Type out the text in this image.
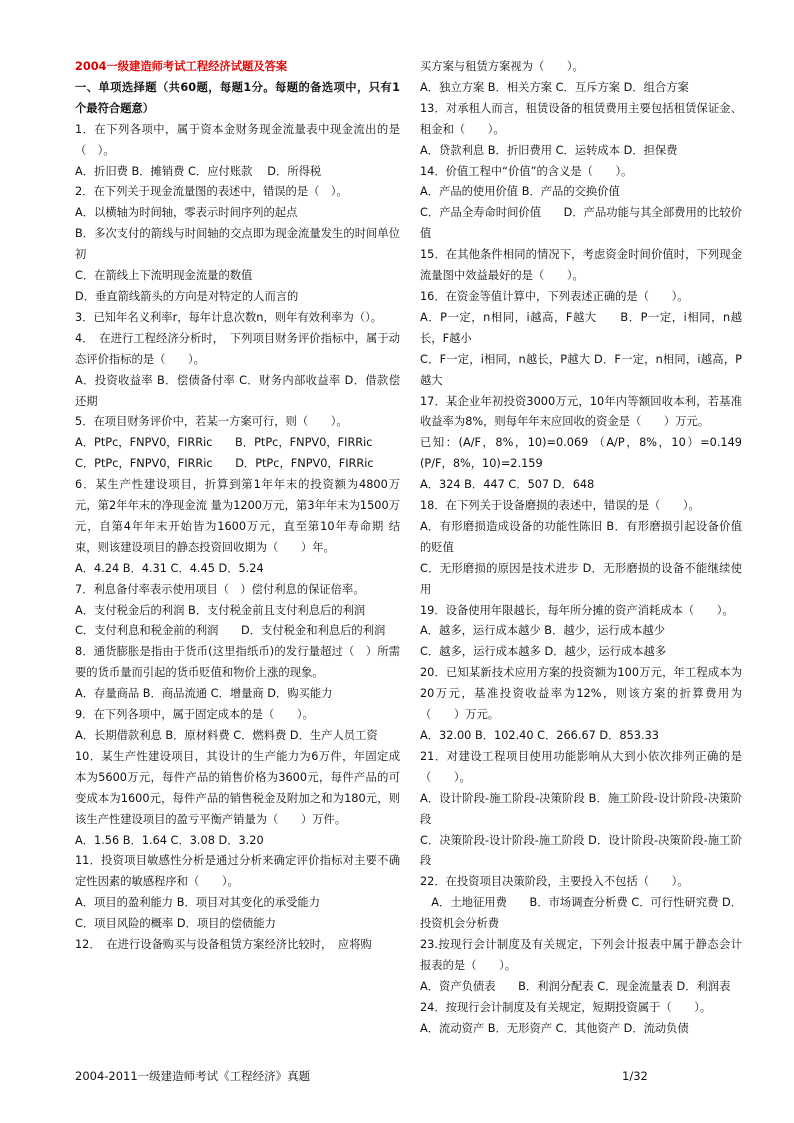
2004一级建造师考试工程经济试题及答案

一、单项选择题（共60题，每题1分。每题的备选项中，只有1个最符合题意）

1．在下列各项中，属于资本金财务现金流量表中现金流出的是（　）。

A．折旧费 B．摊销费 C．应付账款　 D．所得税

2．在下列关于现金流量图的表述中，错误的是（　）。

A．以横轴为时间轴，零表示时间序列的起点

B．多次支付的箭线与时间轴的交点即为现金流量发生的时间单位初

C．在箭线上下流明现金流量的数值

D．垂直箭线箭头的方向是对特定的人而言的

3．已知年名义利率r，每年计息次数n，则年有效利率为（）。

4．　在进行工程经济分析时，　下列项目财务评价指标中，属于动态评价指标的是（　　）。

A．投资收益率 B．偿债备付率 C．财务内部收益率 D．借款偿还期

5．在项目财务评价中，若某一方案可行，则（　　）。

A．PtPc，FNPV0，FIRRic　　B．PtPc，FNPV0，FIRRic

C．PtPc，FNPV0，FIRRic　　D．PtPc，FNPV0，FIRRic

6．某生产性建设项目，折算到第1年年末的投资额为4800万元，第2年年末的净现金流 量为1200万元，第3年年末为1500万元，自第4年年末开始皆为1600万元，直至第10年寿命期 结束，则该建设项目的静态投资回收期为（　　）年。

A．4.24 B．4.31 C．4.45 D．5.24

7．利息备付率表示使用项目（　）偿付利息的保证倍率。

A．支付税金后的利润 B．支付税金前且支付利息后的利润

C．支付利息和税金前的利润　　D．支付税金和利息后的利润

8．通货膨胀是指由于货币(这里指纸币)的发行量超过（　）所需要的货币量而引起的货币贬值和物价上涨的现象。

A．存量商品 B．商品流通 C．增量商 D．购买能力

9．在下列各项中，属于固定成本的是（　　）。

A．长期借款利息 B．原材料费 C．燃料费 D．生产人员工资

10．某生产性建设项目，其设计的生产能力为6万件，年固定成本为5600万元，每件产品的销售价格为3600元，每件产品的可变成本为1600元，每件产品的销售税金及附加之和为180元，则该生产性建设项目的盈亏平衡产销量为（　　）万件。

A．1.56 B．1.64 C．3.08 D．3.20

11．投资项目敏感性分析是通过分析来确定评价指标对主要不确定性因素的敏感程序和（　　）。

A．项目的盈利能力 B．项目对其变化的承受能力

C．项目风险的概率 D．项目的偿债能力

12．　在进行设备购买与设备租赁方案经济比较时，　应将购

买方案与租赁方案视为（　　）。

A．独立方案 B．相关方案 C．互斥方案 D．组合方案

13．对承租人而言，租赁设备的租赁费用主要包括租赁保证金、租金和（　　）。

A．贷款利息 B．折旧费用 C．运转成本 D．担保费

14．价值工程中“价值”的含义是（　　）。

A．产品的使用价值 B．产品的交换价值

C．产品全寿命时间价值　　D．产品功能与其全部费用的比较价值

15．在其他条件相同的情况下，考虑资金时间价值时，下列现金流量图中效益最好的是（　　）。

16．在资金等值计算中，下列表述正确的是（　　）。

A．P一定，n相同，i越高，F越大　　B．P一定，i相同，n越长，F越小

C．F一定，i相同，n越长，P越大 D．F一定，n相同，i越高，P越大

17．某企业年初投资3000万元，10年内等额回收本利，若基准收益率为8%，则每年年末应回收的资金是（　　）万元。

已知：(A/F，8%，10)=0.069 （A/P，8%，10）=0.149 (P/F，8%，10)=2.159

A．324 B．447 C．507 D．648

18．在下列关于设备磨损的表述中，错误的是（　　）。

A．有形磨损造成设备的功能性陈旧 B．有形磨损引起设备价值的贬值

C．无形磨损的原因是技术进步 D．无形磨损的设备不能继续使用

19．设备使用年限越长，每年所分摊的资产消耗成本（　　）。

A．越多，运行成本越少 B．越少，运行成本越少

C．越多，运行成本越多 D．越少，运行成本越多

20．已知某新技术应用方案的投资额为100万元，年工程成本为20万元，基准投资收益率为12%，则该方案的折算费用为（　　）万元。

A．32.00 B．102.40 C．266.67 D．853.33

21．对建设工程项目使用功能影响从大到小依次排列正确的是（　　）。

A．设计阶段-施工阶段-决策阶段 B．施工阶段-设计阶段-决策阶段

C．决策阶段-设计阶段-施工阶段 D．设计阶段-决策阶段-施工阶段

22．在投资项目决策阶段，主要投入不包括（　　）。

　A．土地征用费　　B．市场调查分析费 C．可行性研究费 D．投资机会分析费

23.按现行会计制度及有关规定，下列会计报表中属于静态会计报表的是（　　）。

A．资产负债表　　B．利润分配表 C．现金流量表 D．利润表

24．按现行会计制度及有关规定，短期投资属于（　　）。

A．流动资产 B．无形资产 C．其他资产 D．流动负债

2004-2011一级建造师考试《工程经济》真题	1/32
